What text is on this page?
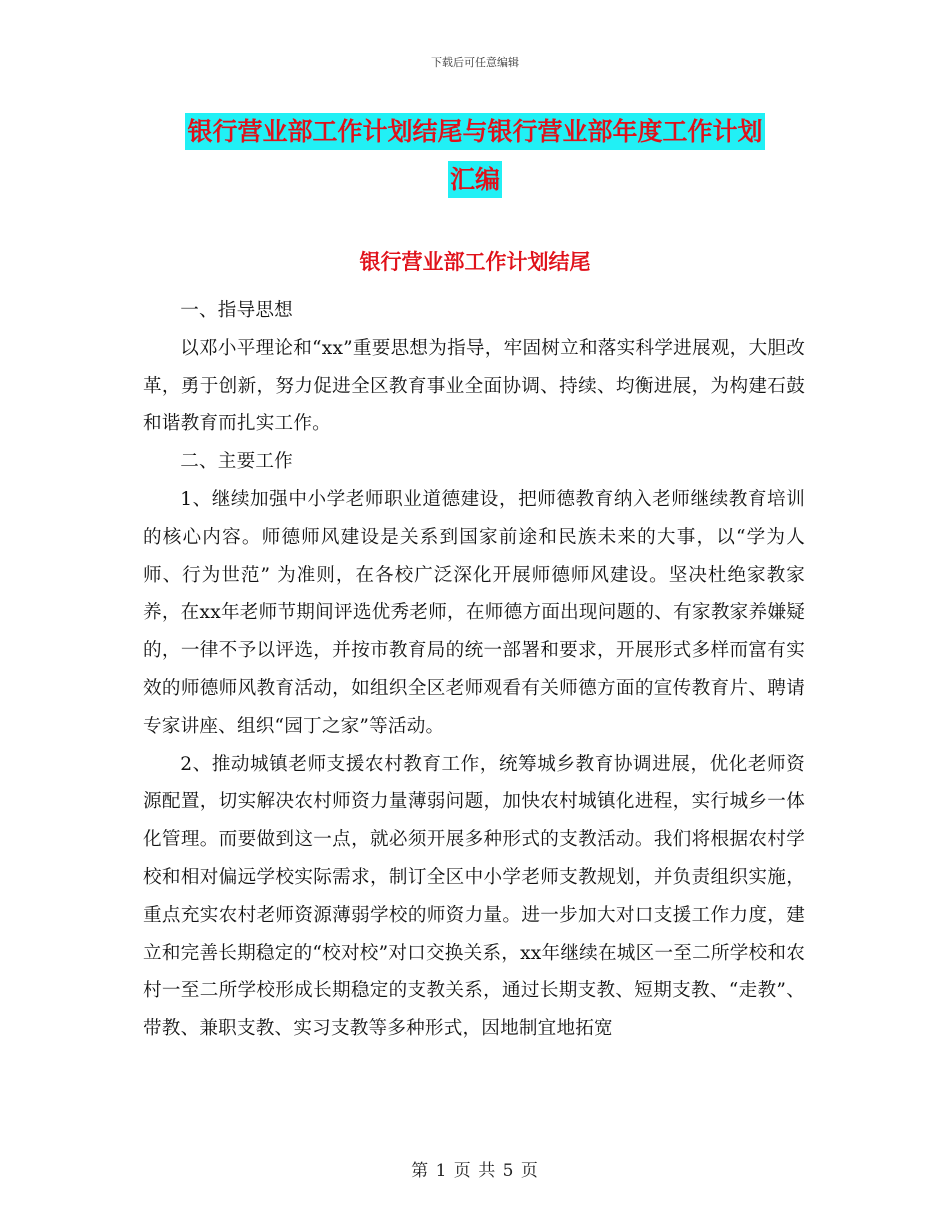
下载后可任意编辑
银行营业部工作计划结尾与银行营业部年度工作计划
汇编
银行营业部工作计划结尾

一、指导思想

以邓小平理论和“xx”重要思想为指导，牢固树立和落实科学进展观，大胆改革，勇于创新，努力促进全区教育事业全面协调、持续、均衡进展，为构建石鼓和谐教育而扎实工作。

二、主要工作

1、继续加强中小学老师职业道德建设，把师德教育纳入老师继续教育培训的核心内容。师德师风建设是关系到国家前途和民族未来的大事，以“学为人师、行为世范” 为准则，在各校广泛深化开展师德师风建设。坚决杜绝家教家养，在xx年老师节期间评选优秀老师，在师德方面出现问题的、有家教家养嫌疑的，一律不予以评选，并按市教育局的统一部署和要求，开展形式多样而富有实效的师德师风教育活动，如组织全区老师观看有关师德方面的宣传教育片、聘请专家讲座、组织“园丁之家”等活动。

2、推动城镇老师支援农村教育工作，统筹城乡教育协调进展，优化老师资源配置，切实解决农村师资力量薄弱问题，加快农村城镇化进程，实行城乡一体化管理。而要做到这一点，就必须开展多种形式的支教活动。我们将根据农村学校和相对偏远学校实际需求，制订全区中小学老师支教规划，并负责组织实施，重点充实农村老师资源薄弱学校的师资力量。进一步加大对口支援工作力度，建立和完善长期稳定的“校对校”对口交换关系，xx年继续在城区一至二所学校和农村一至二所学校形成长期稳定的支教关系，通过长期支教、短期支教、“走教”、带教、兼职支教、实习支教等多种形式，因地制宜地拓宽

第 1 页 共 5 页
